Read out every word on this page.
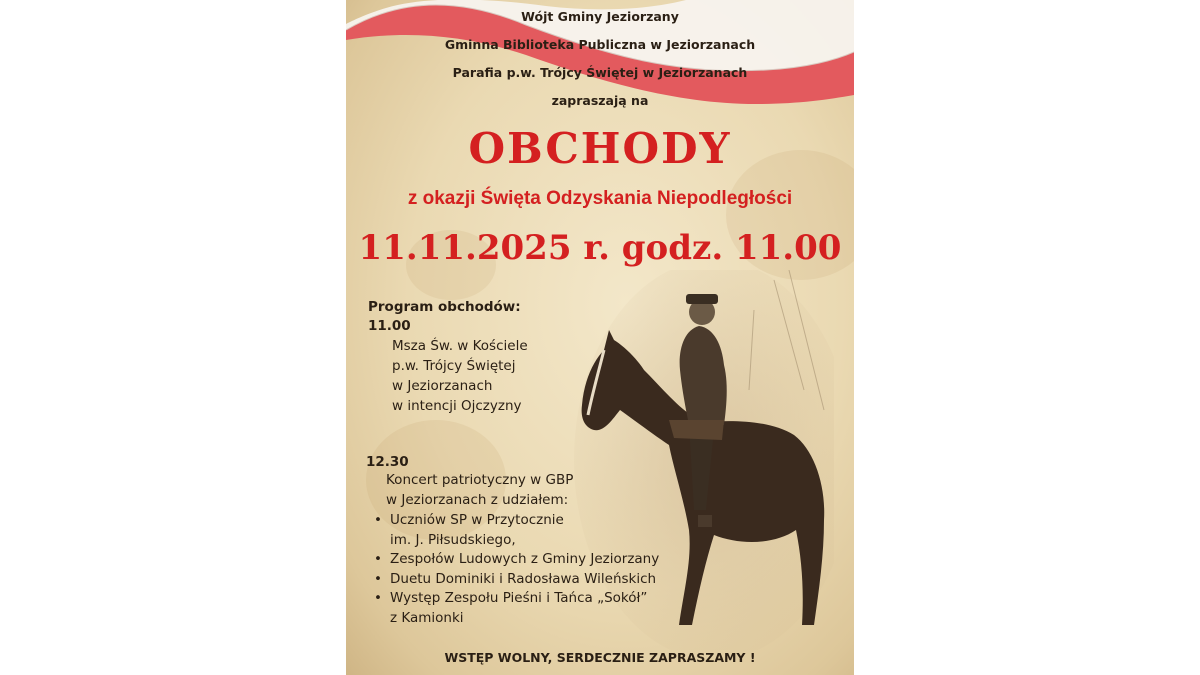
Wójt Gminy Jeziorzany
Gminna Biblioteka Publiczna w Jeziorzanach
Parafia p.w. Trójcy Świętej w Jeziorzanach
zapraszają na
OBCHODY
z okazji Święta Odzyskania Niepodległości
11.11.2025 r. godz. 11.00
Program obchodów:
11.00
Msza Św. w Kościele
p.w. Trójcy Świętej
w Jeziorzanach
w intencji Ojczyzny
12.30
Koncert patriotyczny w GBP
w Jeziorzanach z udziałem:
• Uczniów SP w Przytocznie
im. J. Piłsudskiego,
• Zespołów Ludowych z Gminy Jeziorzany
• Duetu Dominiki i Radosława Wileńskich
• Występ Zespołu Pieśni i Tańca „Sokół”
z Kamionki
WSTĘP WOLNY, SERDECZNIE ZAPRASZAMY !
